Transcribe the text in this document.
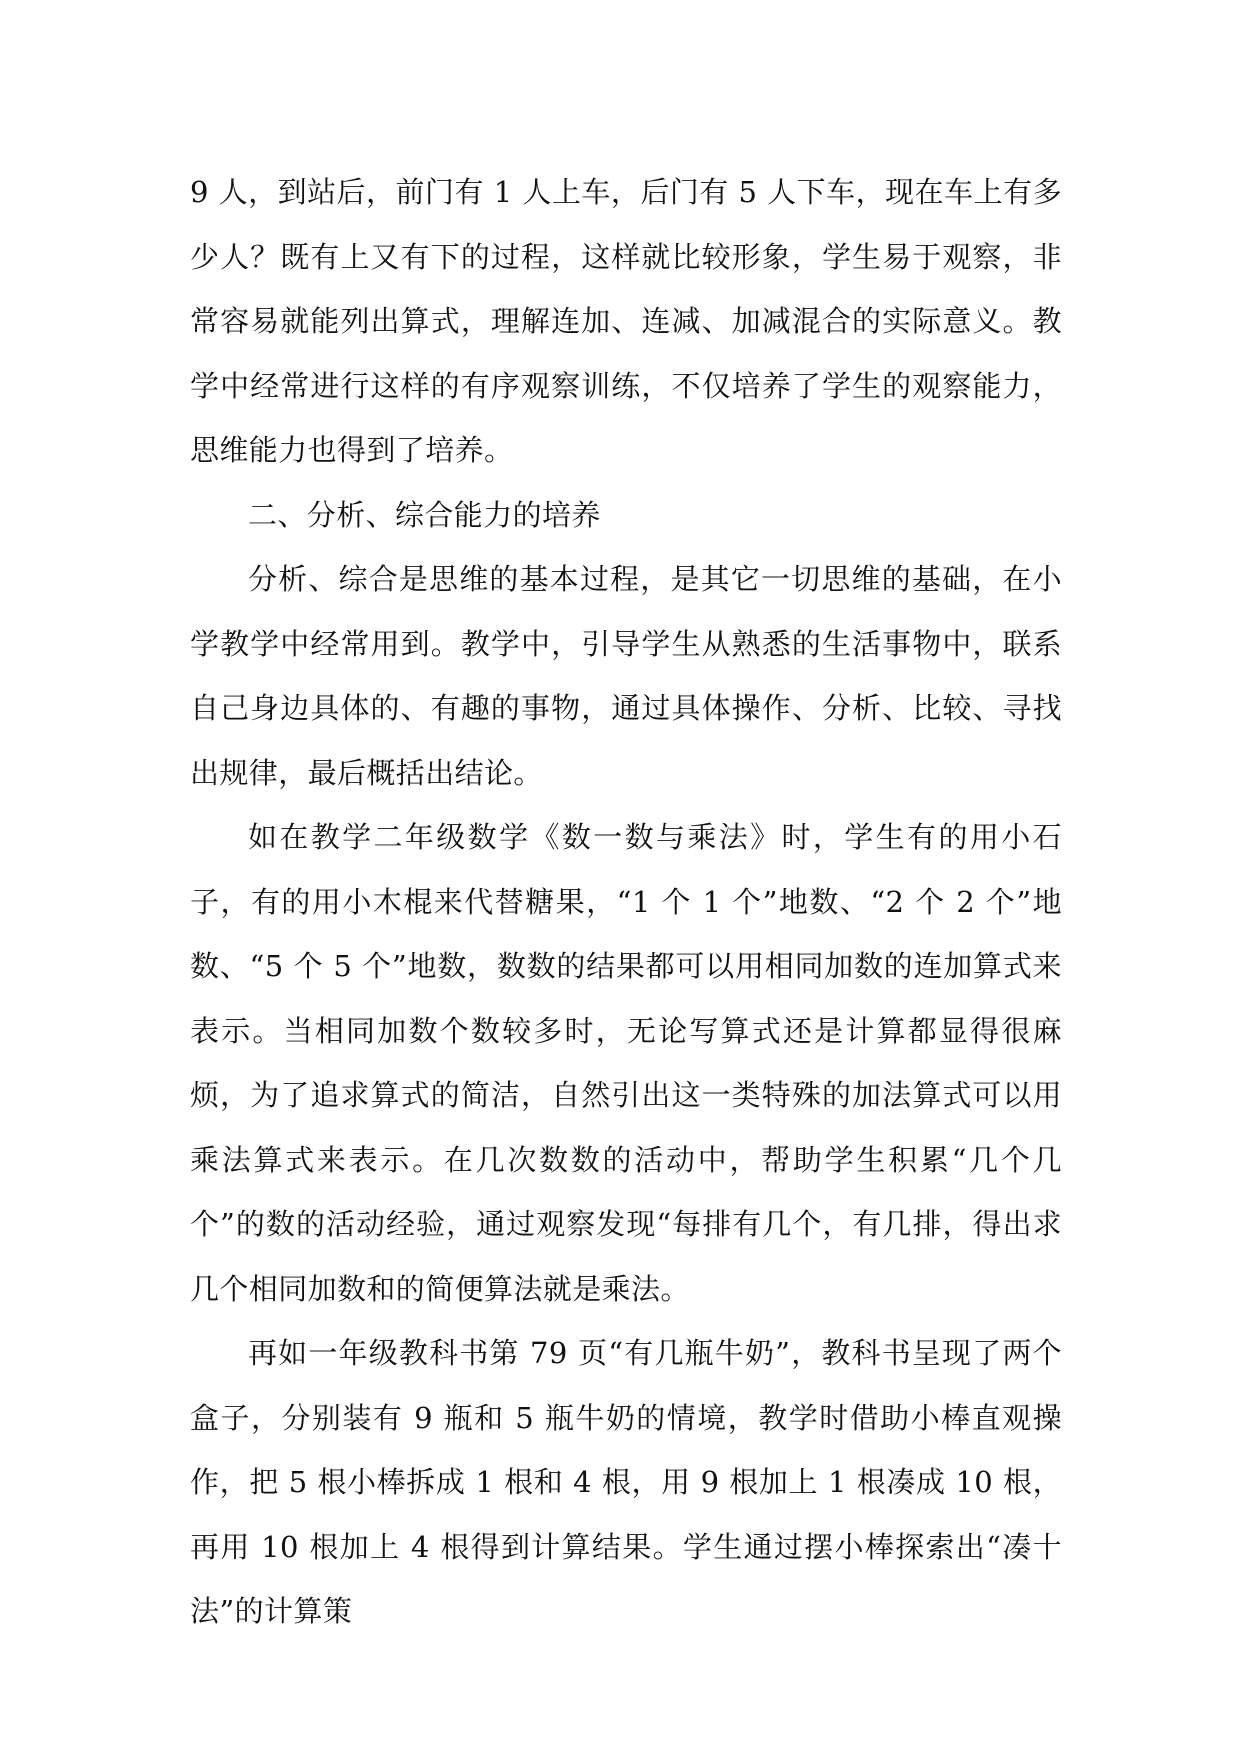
9 人，到站后，前门有 1 人上车，后门有 5 人下车，现在车上有多少人？既有上又有下的过程，这样就比较形象，学生易于观察，非常容易就能列出算式，理解连加、连减、加减混合的实际意义。教学中经常进行这样的有序观察训练，不仅培养了学生的观察能力，思维能力也得到了培养。

二、分析、综合能力的培养

分析、综合是思维的基本过程，是其它一切思维的基础，在小学教学中经常用到。教学中，引导学生从熟悉的生活事物中，联系自己身边具体的、有趣的事物，通过具体操作、分析、比较、寻找出规律，最后概括出结论。

如在教学二年级数学《数一数与乘法》时，学生有的用小石子，有的用小木棍来代替糖果，“1 个 1 个”地数、“2 个 2 个”地数、“5 个 5 个”地数，数数的结果都可以用相同加数的连加算式来表示。当相同加数个数较多时，无论写算式还是计算都显得很麻烦，为了追求算式的简洁，自然引出这一类特殊的加法算式可以用乘法算式来表示。在几次数数的活动中，帮助学生积累“几个几个”的数的活动经验，通过观察发现“每排有几个，有几排，得出求几个相同加数和的简便算法就是乘法。

再如一年级教科书第 79 页“有几瓶牛奶”，教科书呈现了两个盒子，分别装有 9 瓶和 5 瓶牛奶的情境，教学时借助小棒直观操作，把 5 根小棒拆成 1 根和 4 根，用 9 根加上 1 根凑成 10 根，再用 10 根加上 4 根得到计算结果。学生通过摆小棒探索出“凑十法”的计算策
